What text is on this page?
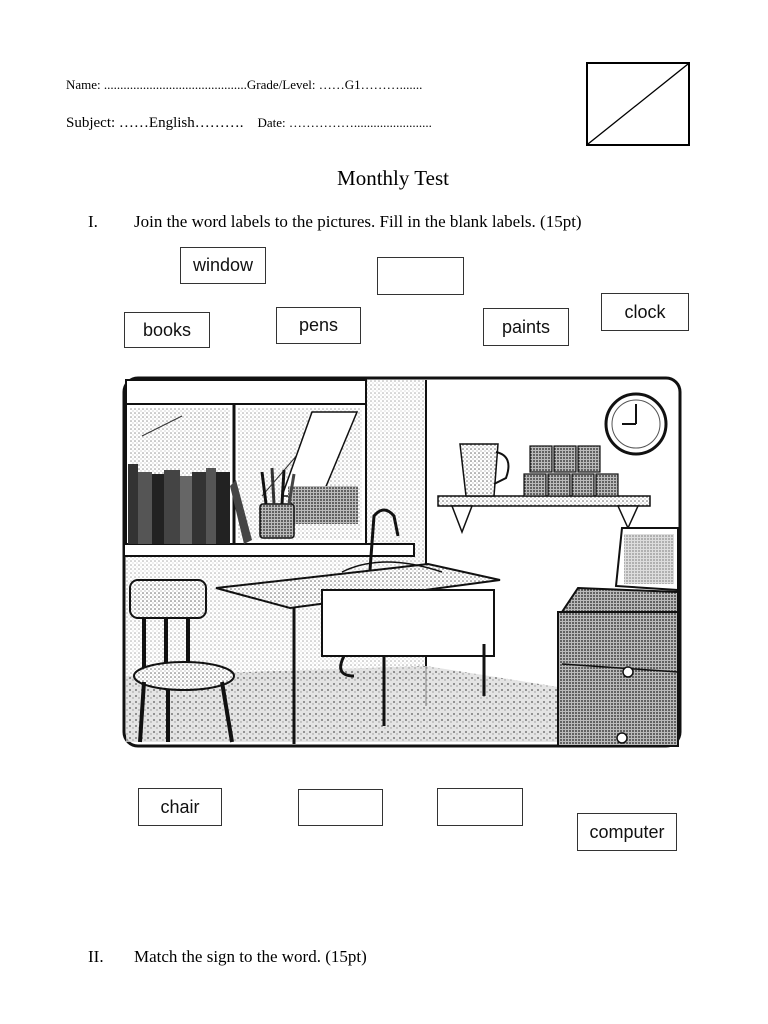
Name: ............................................Grade/Level: ……G1……….......
Subject: ……English………. Date: ……………........................
Monthly Test
I. Join the word labels to the pictures. Fill in the blank labels. (15pt)
window
books	pens	paints
clock
chair
computer
II. Match the sign to the word. (15pt)
